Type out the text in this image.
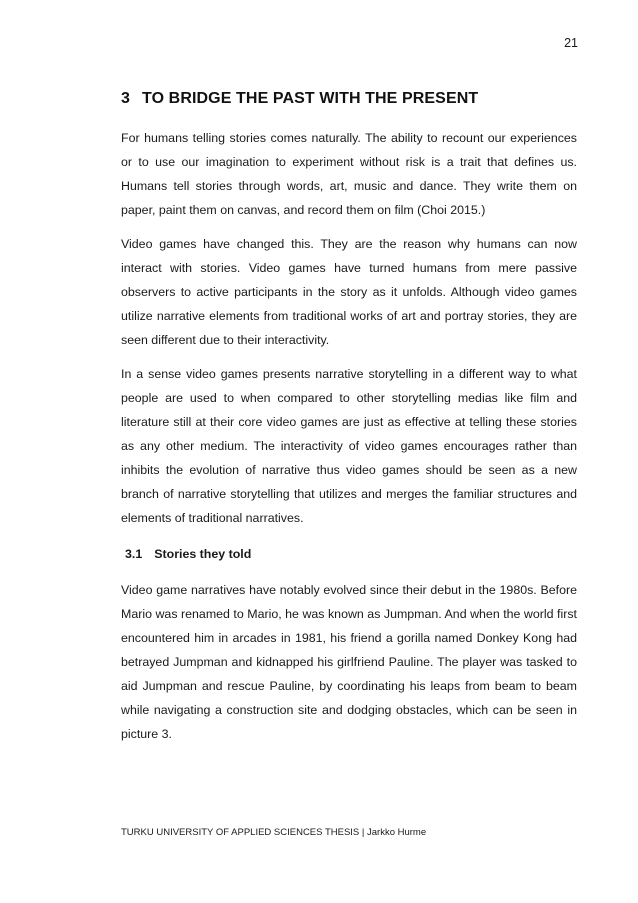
21
3 TO BRIDGE THE PAST WITH THE PRESENT

For humans telling stories comes naturally. The ability to recount our experiences or to use our imagination to experiment without risk is a trait that defines us. Humans tell stories through words, art, music and dance. They write them on paper, paint them on canvas, and record them on film (Choi 2015.)

Video games have changed this. They are the reason why humans can now interact with stories. Video games have turned humans from mere passive observers to active participants in the story as it unfolds. Although video games utilize narrative elements from traditional works of art and portray stories, they are seen different due to their interactivity.

In a sense video games presents narrative storytelling in a different way to what people are used to when compared to other storytelling medias like film and literature still at their core video games are just as effective at telling these stories as any other medium. The interactivity of video games encourages rather than inhibits the evolution of narrative thus video games should be seen as a new branch of narrative storytelling that utilizes and merges the familiar structures and elements of traditional narratives.

3.1 Stories they told

Video game narratives have notably evolved since their debut in the 1980s. Before Mario was renamed to Mario, he was known as Jumpman. And when the world first encountered him in arcades in 1981, his friend a gorilla named Donkey Kong had betrayed Jumpman and kidnapped his girlfriend Pauline. The player was tasked to aid Jumpman and rescue Pauline, by coordinating his leaps from beam to beam while navigating a construction site and dodging obstacles, which can be seen in picture 3.

TURKU UNIVERSITY OF APPLIED SCIENCES THESIS | Jarkko Hurme
